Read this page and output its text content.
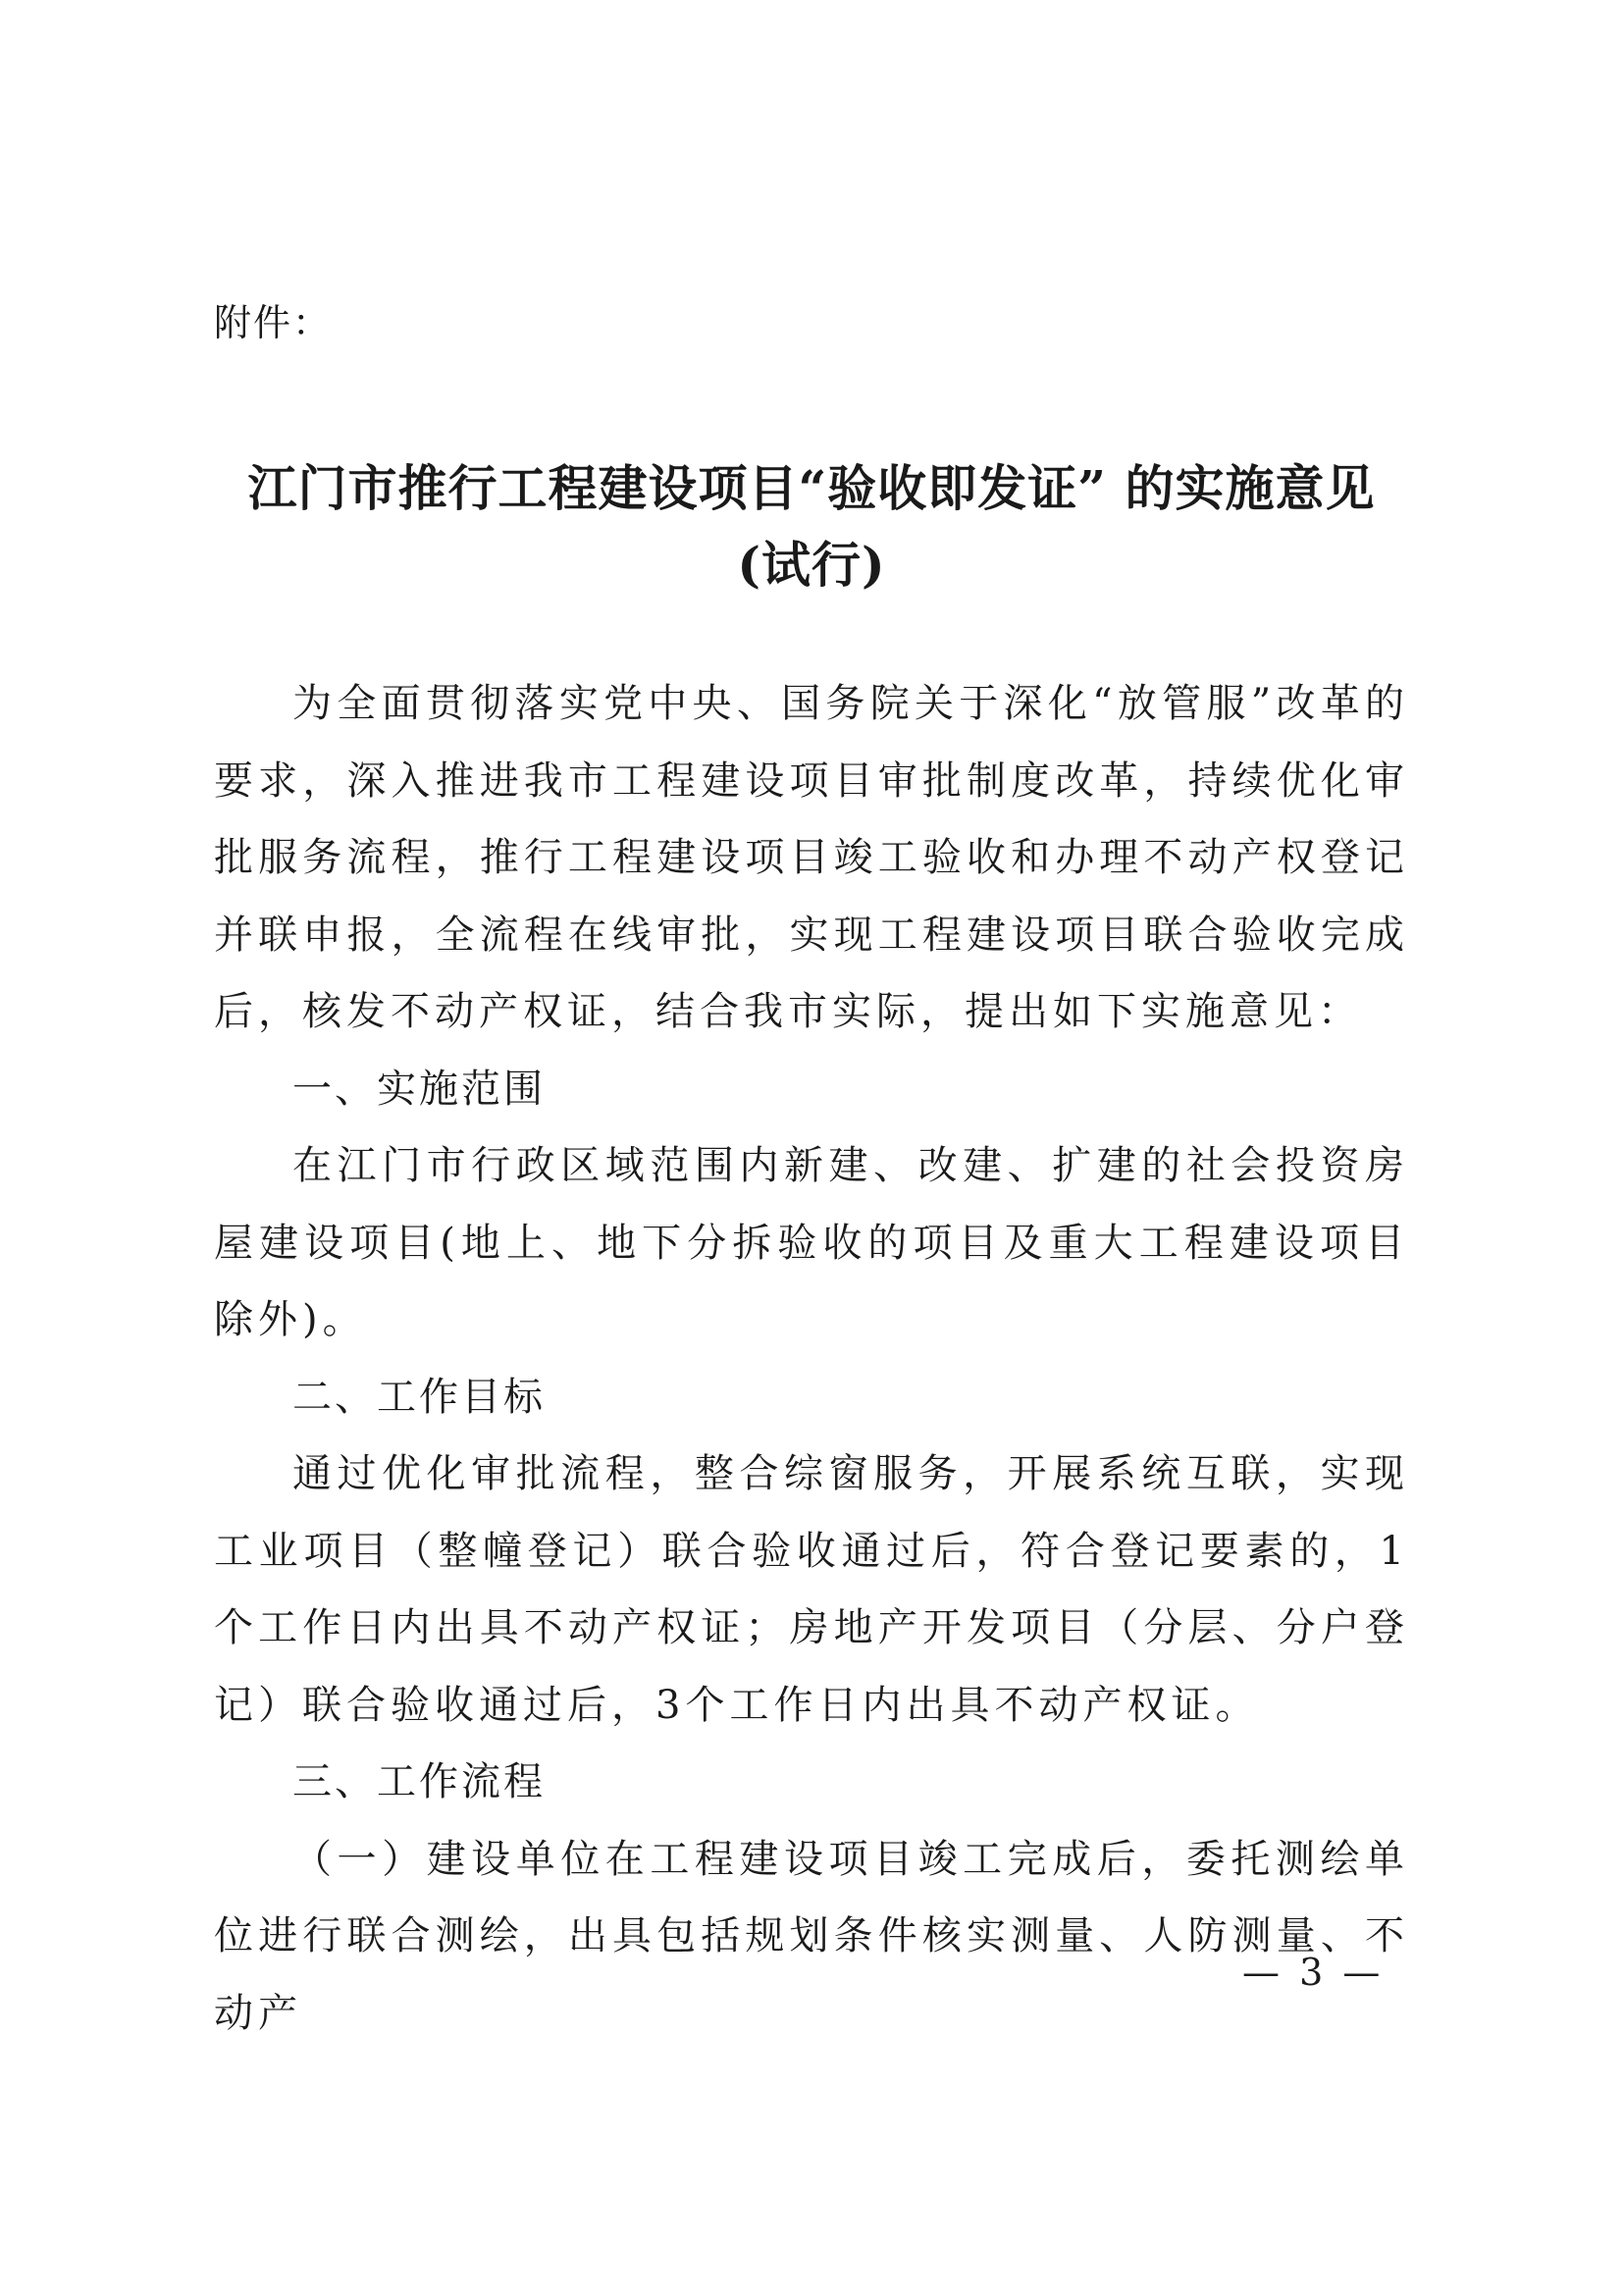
附件：
江门市推行工程建设项目“验收即发证” 的实施意见
(试行)

为全面贯彻落实党中央、国务院关于深化“放管服”改革的要求，深入推进我市工程建设项目审批制度改革，持续优化审批服务流程，推行工程建设项目竣工验收和办理不动产权登记并联申报，全流程在线审批，实现工程建设项目联合验收完成后，核发不动产权证，结合我市实际，提出如下实施意见：

一、实施范围

在江门市行政区域范围内新建、改建、扩建的社会投资房屋建设项目(地上、地下分拆验收的项目及重大工程建设项目除外)。

二、工作目标

通过优化审批流程，整合综窗服务，开展系统互联，实现工业项目（整幢登记）联合验收通过后，符合登记要素的，1个工作日内出具不动产权证；房地产开发项目（分层、分户登记）联合验收通过后，3个工作日内出具不动产权证。

三、工作流程

（一）建设单位在工程建设项目竣工完成后，委托测绘单位进行联合测绘，出具包括规划条件核实测量、人防测量、不动产

— 3 —
